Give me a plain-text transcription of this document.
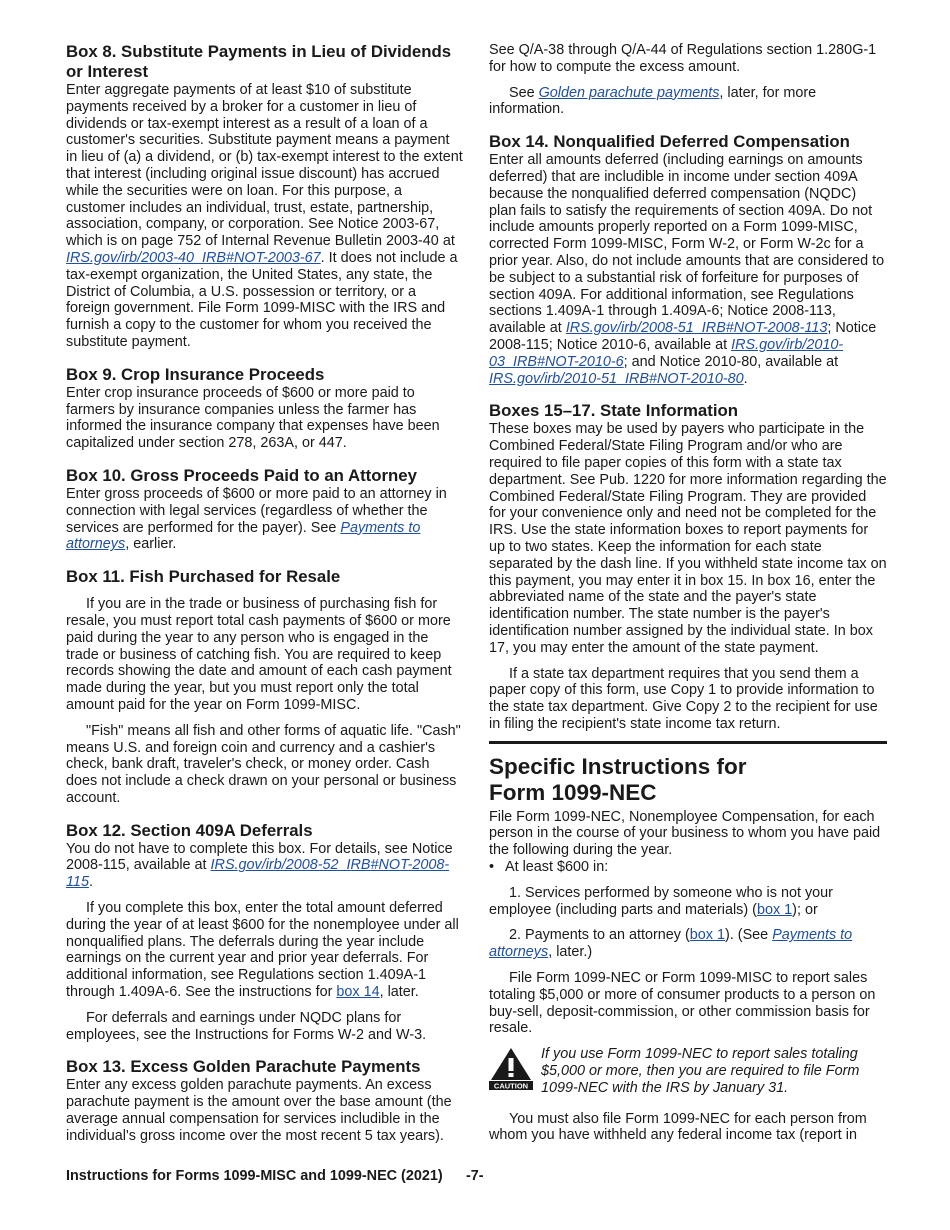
Box 8. Substitute Payments in Lieu of Dividends or Interest

Enter aggregate payments of at least $10 of substitute payments received by a broker for a customer in lieu of dividends or tax-exempt interest as a result of a loan of a customer's securities. Substitute payment means a payment in lieu of (a) a dividend, or (b) tax-exempt interest to the extent that interest (including original issue discount) has accrued while the securities were on loan. For this purpose, a customer includes an individual, trust, estate, partnership, association, company, or corporation. See Notice 2003-67, which is on page 752 of Internal Revenue Bulletin 2003-40 at IRS.gov/irb/2003-40_IRB#NOT-2003-67. It does not include a tax-exempt organization, the United States, any state, the District of Columbia, a U.S. possession or territory, or a foreign government. File Form 1099-MISC with the IRS and furnish a copy to the customer for whom you received the substitute payment.

Box 9. Crop Insurance Proceeds

Enter crop insurance proceeds of $600 or more paid to farmers by insurance companies unless the farmer has informed the insurance company that expenses have been capitalized under section 278, 263A, or 447.

Box 10. Gross Proceeds Paid to an Attorney

Enter gross proceeds of $600 or more paid to an attorney in connection with legal services (regardless of whether the services are performed for the payer). See Payments to attorneys, earlier.

Box 11. Fish Purchased for Resale

If you are in the trade or business of purchasing fish for resale, you must report total cash payments of $600 or more paid during the year to any person who is engaged in the trade or business of catching fish. You are required to keep records showing the date and amount of each cash payment made during the year, but you must report only the total amount paid for the year on Form 1099-MISC.

"Fish" means all fish and other forms of aquatic life. "Cash" means U.S. and foreign coin and currency and a cashier's check, bank draft, traveler's check, or money order. Cash does not include a check drawn on your personal or business account.

Box 12. Section 409A Deferrals

You do not have to complete this box. For details, see Notice 2008-115, available at IRS.gov/irb/2008-52_IRB#NOT-2008-115.

If you complete this box, enter the total amount deferred during the year of at least $600 for the nonemployee under all nonqualified plans. The deferrals during the year include earnings on the current year and prior year deferrals. For additional information, see Regulations section 1.409A-1 through 1.409A-6. See the instructions for box 14, later.

For deferrals and earnings under NQDC plans for employees, see the Instructions for Forms W-2 and W-3.

Box 13. Excess Golden Parachute Payments

Enter any excess golden parachute payments. An excess parachute payment is the amount over the base amount (the average annual compensation for services includible in the individual's gross income over the most recent 5 tax years).

See Q/A-38 through Q/A-44 of Regulations section 1.280G-1 for how to compute the excess amount.

See Golden parachute payments, later, for more information.

Box 14. Nonqualified Deferred Compensation

Enter all amounts deferred (including earnings on amounts deferred) that are includible in income under section 409A because the nonqualified deferred compensation (NQDC) plan fails to satisfy the requirements of section 409A. Do not include amounts properly reported on a Form 1099-MISC, corrected Form 1099-MISC, Form W-2, or Form W-2c for a prior year. Also, do not include amounts that are considered to be subject to a substantial risk of forfeiture for purposes of section 409A. For additional information, see Regulations sections 1.409A-1 through 1.409A-6; Notice 2008-113, available at IRS.gov/irb/2008-51_IRB#NOT-2008-113; Notice 2008-115; Notice 2010-6, available at IRS.gov/irb/2010-03_IRB#NOT-2010-6; and Notice 2010-80, available at IRS.gov/irb/2010-51_IRB#NOT-2010-80.

Boxes 15–17. State Information

These boxes may be used by payers who participate in the Combined Federal/State Filing Program and/or who are required to file paper copies of this form with a state tax department. See Pub. 1220 for more information regarding the Combined Federal/State Filing Program. They are provided for your convenience only and need not be completed for the IRS. Use the state information boxes to report payments for up to two states. Keep the information for each state separated by the dash line. If you withheld state income tax on this payment, you may enter it in box 15. In box 16, enter the abbreviated name of the state and the payer's state identification number. The state number is the payer's identification number assigned by the individual state. In box 17, you may enter the amount of the state payment.

If a state tax department requires that you send them a paper copy of this form, use Copy 1 to provide information to the state tax department. Give Copy 2 to the recipient for use in filing the recipient's state income tax return.

Specific Instructions for
Form 1099-NEC

File Form 1099-NEC, Nonemployee Compensation, for each person in the course of your business to whom you have paid the following during the year.

• At least $600 in:

1. Services performed by someone who is not your employee (including parts and materials) (box 1); or

2. Payments to an attorney (box 1). (See Payments to attorneys, later.)

File Form 1099-NEC or Form 1099-MISC to report sales totaling $5,000 or more of consumer products to a person on buy-sell, deposit-commission, or other commission basis for resale.

CAUTION

If you use Form 1099-NEC to report sales totaling $5,000 or more, then you are required to file Form 1099-NEC with the IRS by January 31.

You must also file Form 1099-NEC for each person from whom you have withheld any federal income tax (report in

Instructions for Forms 1099-MISC and 1099-NEC (2021) -7-
